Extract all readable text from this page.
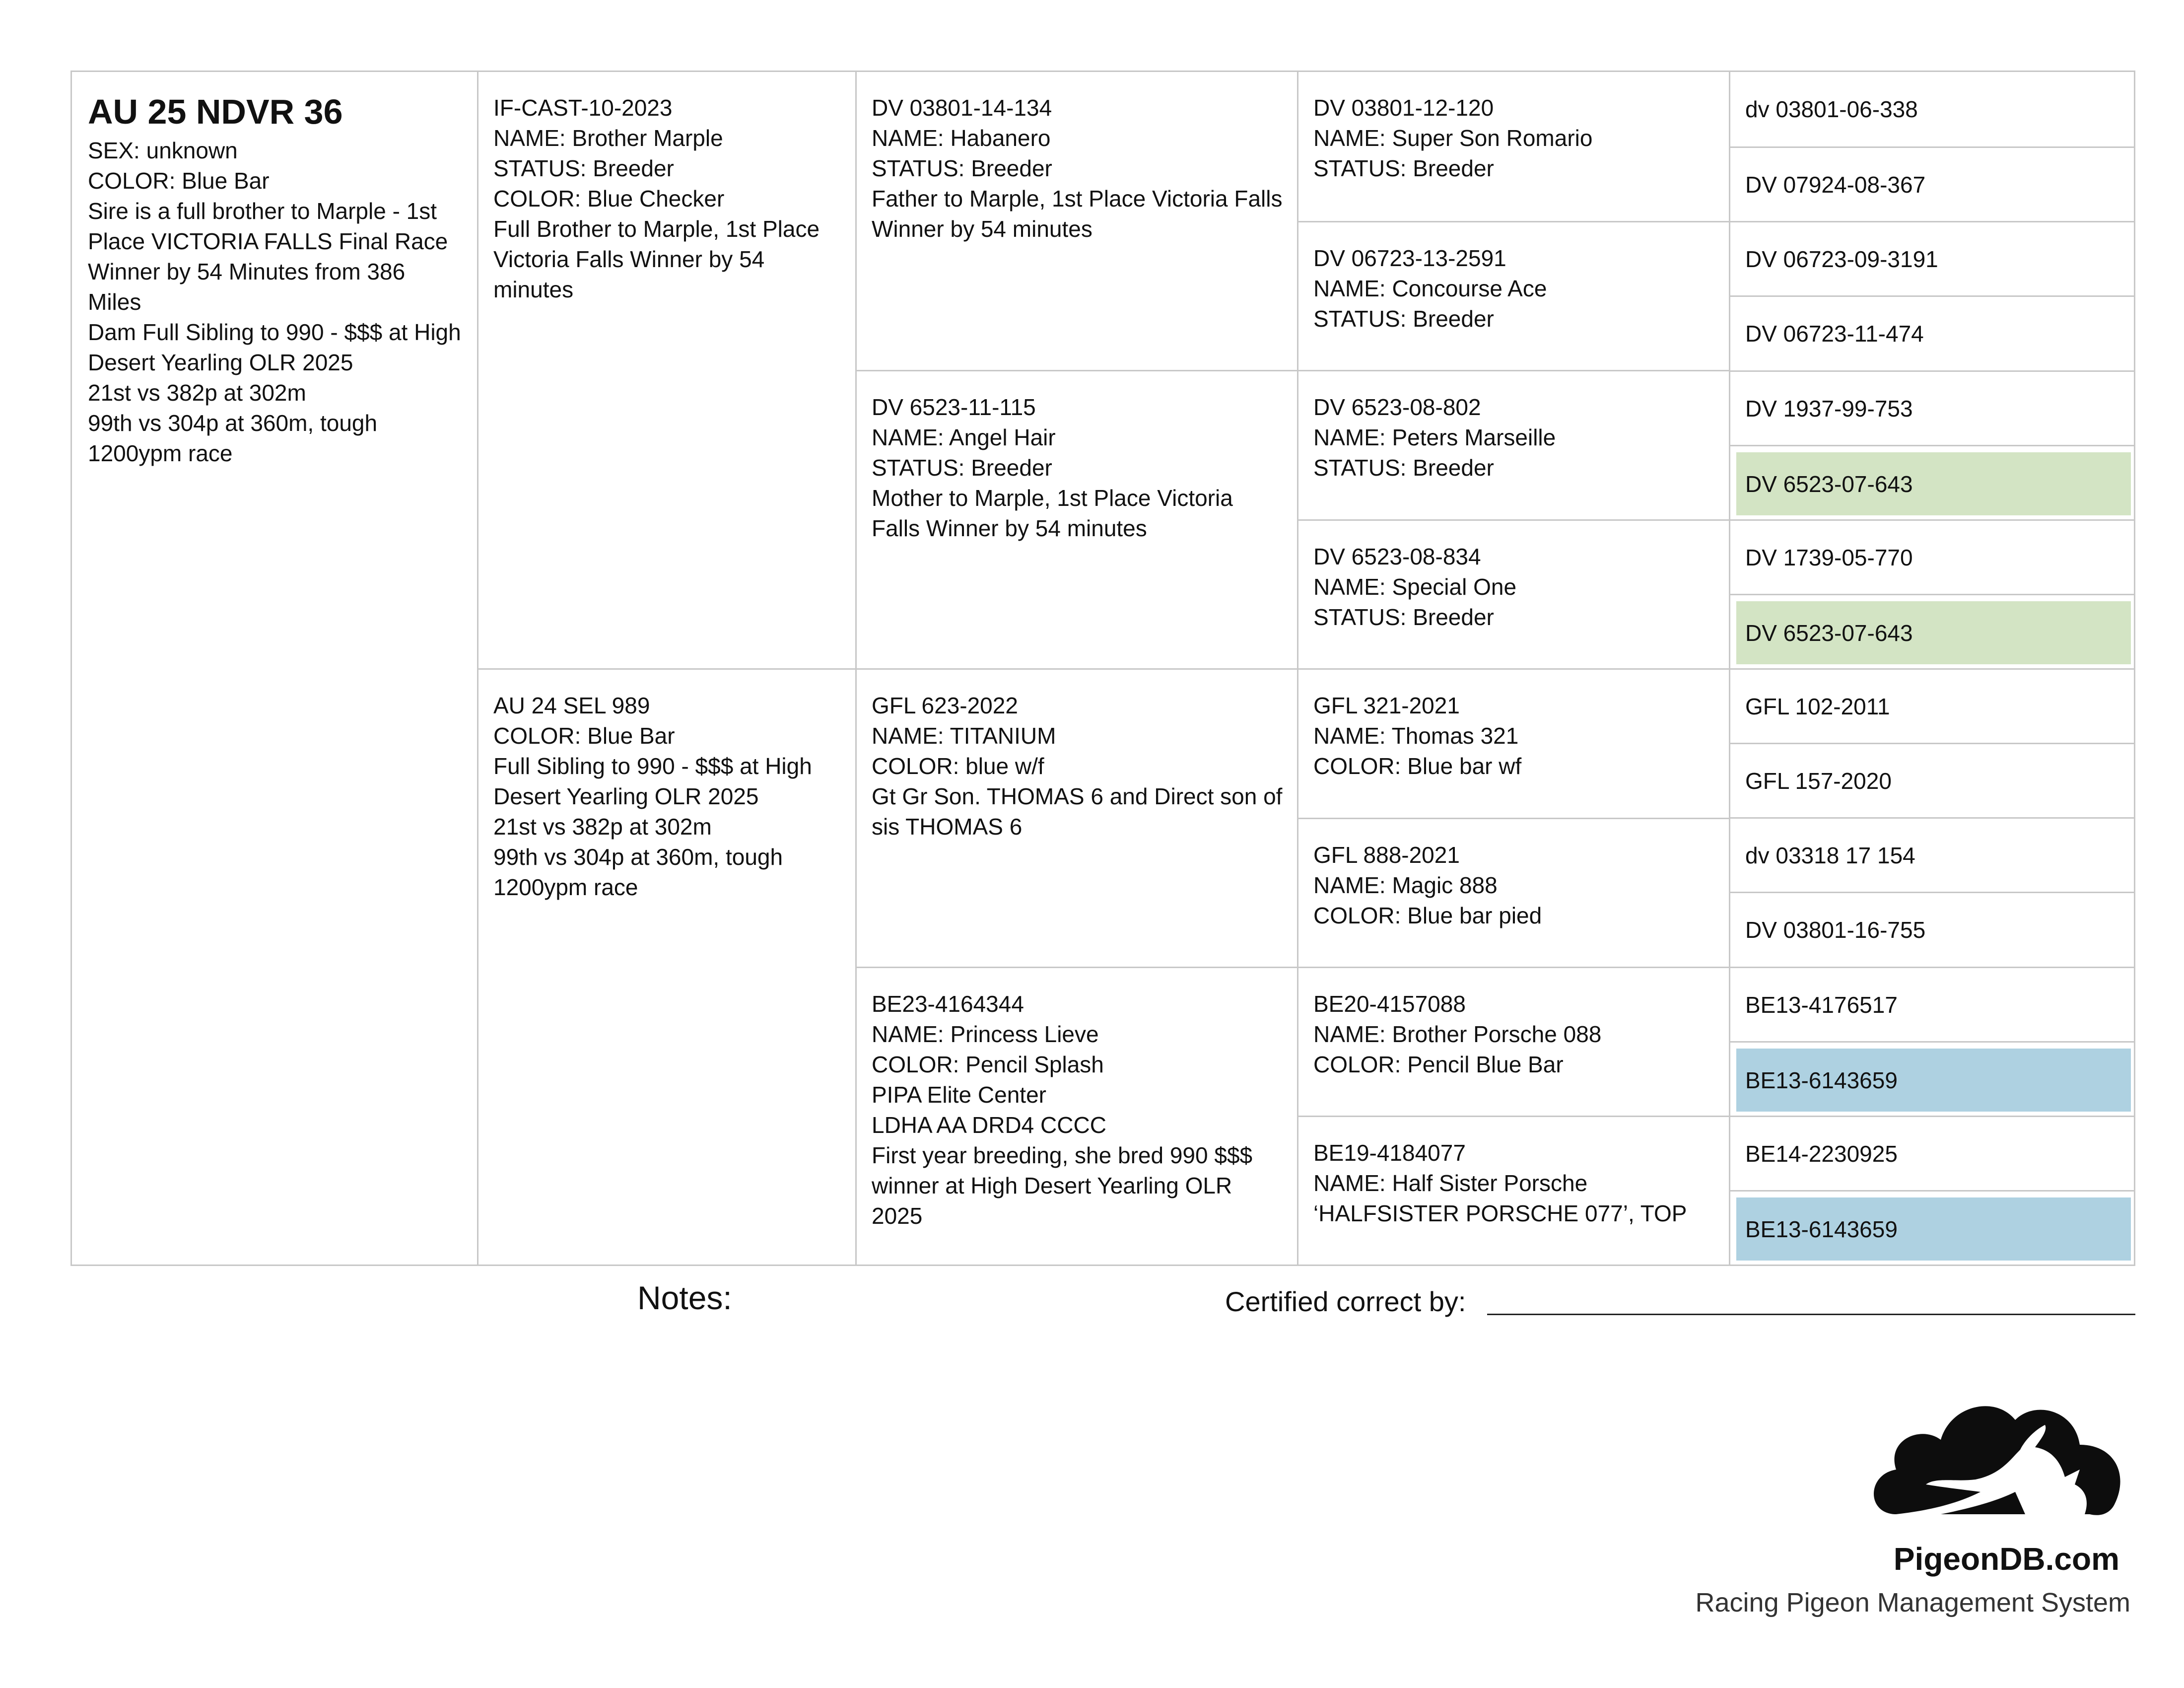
AU 25 NDVR 36
SEX: unknown
COLOR: Blue Bar
Sire is a full brother to Marple - 1st
Place VICTORIA FALLS Final Race
Winner by 54 Minutes from 386
Miles
Dam Full Sibling to 990 - $$$ at High
Desert Yearling OLR 2025
21st vs 382p at 302m
99th vs 304p at 360m, tough
1200ypm race
IF-CAST-10-2023
NAME: Brother Marple
STATUS: Breeder
COLOR: Blue Checker
Full Brother to Marple, 1st Place
Victoria Falls Winner by 54
minutes
AU 24 SEL 989
COLOR: Blue Bar
Full Sibling to 990 - $$$ at High
Desert Yearling OLR 2025
21st vs 382p at 302m
99th vs 304p at 360m, tough
1200ypm race
DV 03801-14-134
NAME: Habanero
STATUS: Breeder
Father to Marple, 1st Place Victoria Falls
Winner by 54 minutes
DV 6523-11-115
NAME: Angel Hair
STATUS: Breeder
Mother to Marple, 1st Place Victoria
Falls Winner by 54 minutes
GFL 623-2022
NAME: TITANIUM
COLOR: blue w/f
Gt Gr Son. THOMAS 6 and Direct son of
sis THOMAS 6
BE23-4164344
NAME: Princess Lieve
COLOR: Pencil Splash
PIPA Elite Center
LDHA AA DRD4 CCCC
First year breeding, she bred 990 $$$
winner at High Desert Yearling OLR
2025
DV 03801-12-120
NAME: Super Son Romario
STATUS: Breeder
DV 06723-13-2591
NAME: Concourse Ace
STATUS: Breeder
DV 6523-08-802
NAME: Peters Marseille
STATUS: Breeder
DV 6523-08-834
NAME: Special One
STATUS: Breeder
GFL 321-2021
NAME: Thomas 321
COLOR: Blue bar wf
GFL 888-2021
NAME: Magic 888
COLOR: Blue bar pied
BE20-4157088
NAME: Brother Porsche 088
COLOR: Pencil Blue Bar
BE19-4184077
NAME: Half Sister Porsche
‘HALFSISTER PORSCHE 077’, TOP
dv 03801-06-338
DV 07924-08-367
DV 06723-09-3191
DV 06723-11-474
DV 1937-99-753
DV 6523-07-643
DV 1739-05-770
DV 6523-07-643
GFL 102-2011
GFL 157-2020
dv 03318 17 154
DV 03801-16-755
BE13-4176517
BE13-6143659
BE14-2230925
BE13-6143659
Notes:	Certified correct by:
PigeonDB.com
Racing Pigeon Management System
